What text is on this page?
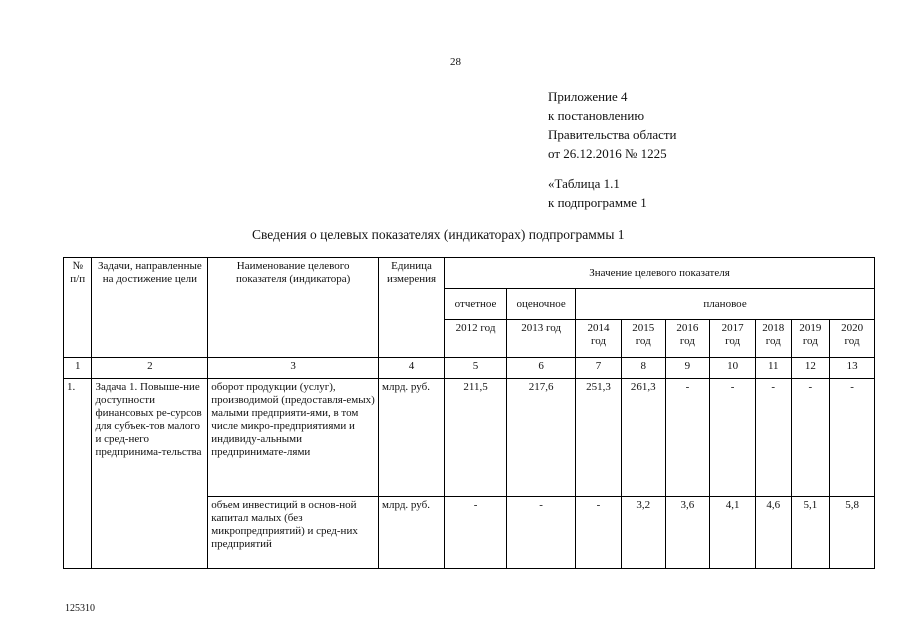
28
Приложение 4
к постановлению
Правительства области
от 26.12.2016 № 1225
«Таблица 1.1
к подпрограмме 1
Сведения о целевых показателях (индикаторах) подпрограммы 1
№ п/п	Задачи, направленные на достижение цели	Наименование целевого показателя (индикатора)	Единица измерения	Значение целевого показателя								
				отчетное	оценочное	плановое						
				2012 год	2013 год	2014 год	2015 год	2016 год	2017 год	2018 год	2019 год	2020 год
1	2	3	4	5	6	7	8	9	10	11	12	13
1.	Задача 1. Повыше-ние доступности финансовых ре-сурсов для субъек-тов малого и сред-него предпринима-тельства	оборот продукции (услуг), производимой (предоставля-емых) малыми предприяти-ями, в том числе микро-предприятиями и индивиду-альными предпринимате-лями	млрд. руб.	211,5	217,6	251,3	261,3	-	-	-	-	-
		объем инвестиций в основ-ной капитал малых (без микропредприятий) и сред-них предприятий	млрд. руб.	-	-	-	3,2	3,6	4,1	4,6	5,1	5,8
125310
